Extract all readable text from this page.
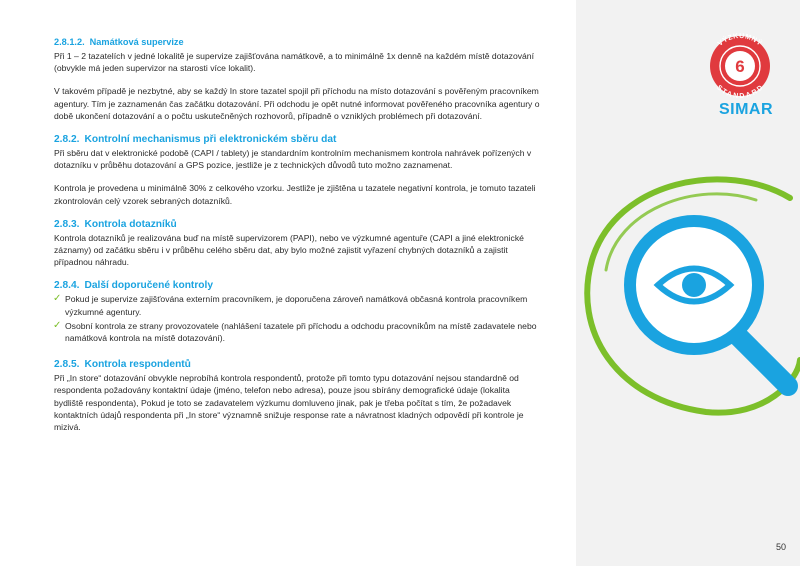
2.8.1.2. Namátková supervize

Při 1 – 2 tazatelích v jedné lokalitě je supervize zajišťována namátkově, a to minimálně 1x denně na každém místě dotazování (obvykle má jeden supervizor na starosti více lokalit).

V takovém případě je nezbytné, aby se každý In store tazatel spojil při příchodu na místo dotazování s pověřeným pracovníkem agentury. Tím je zaznamenán čas začátku dotazování. Při odchodu je opět nutné informovat pověřeného pracovníka agentury o době ukončení dotazování a o počtu uskutečněných rozhovorů, případně o vzniklých problémech při dotazování.

2.8.2. Kontrolní mechanismus při elektronickém sběru dat

Při sběru dat v elektronické podobě (CAPI / tablety) je standardním kontrolním mechanismem kontrola nahrávek pořízených v dotazníku v průběhu dotazování a GPS pozice, jestliže je z technických důvodů tuto možno zaznamenat.

Kontrola je provedena u minimálně 30% z celkového vzorku. Jestliže je zjištěna u tazatele negativní kontrola, je tomuto tazateli zkontrolován celý vzorek sebraných dotazníků.

2.8.3. Kontrola dotazníků

Kontrola dotazníků je realizována buď na místě supervizorem (PAPI), nebo ve výzkumné agentuře (CAPI a jiné elektronické záznamy) od začátku sběru i v průběhu celého sběru dat, aby bylo možné zajistit vyřazení chybných dotazníků a zajistit případnou náhradu.

2.8.4. Další doporučené kontroly
✓ Pokud je supervize zajišťována externím pracovníkem, je doporučena zároveň namátková občasná kontrola pracovníkem výzkumné agentury.
✓ Osobní kontrola ze strany provozovatele (nahlášení tazatele při příchodu a odchodu pracovníkům na místě zadavatele nebo namátková kontrola na místě dotazování).
2.8.5. Kontrola respondentů

Při „In store“ dotazování obvykle neprobíhá kontrola respondentů, protože při tomto typu dotazování nejsou standardně od respondenta požadovány kontaktní údaje (jméno, telefon nebo adresa), pouze jsou sbírány demografické údaje (lokalita bydliště respondenta), Pokud je toto se zadavatelem výzkumu domluveno jinak, pak je třeba počítat s tím, že požadavek kontaktních údajů respondenta při „In store“ významně snižuje response rate a návratnost kladných odpovědí při kontrole je mizivá.

VÝZKUMNÝ
STANDARD
6
SIMAR
50
